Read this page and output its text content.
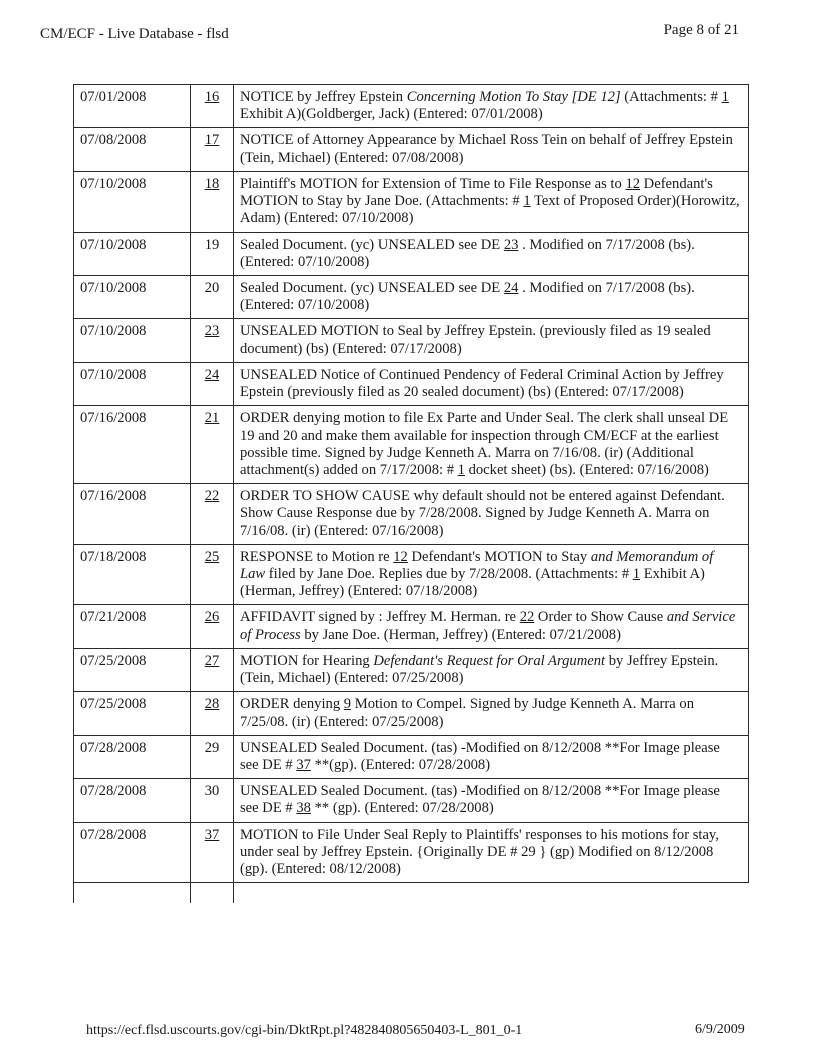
CM/ECF - Live Database - flsd	Page 8 of 21
07/01/2008	16	NOTICE by Jeffrey Epstein Concerning Motion To Stay [DE 12] (Attachments: # 1 Exhibit A)(Goldberger, Jack) (Entered: 07/01/2008)
07/08/2008	17	NOTICE of Attorney Appearance by Michael Ross Tein on behalf of Jeffrey Epstein (Tein, Michael) (Entered: 07/08/2008)
07/10/2008	18	Plaintiff's MOTION for Extension of Time to File Response as to 12 Defendant's MOTION to Stay by Jane Doe. (Attachments: # 1 Text of Proposed Order)(Horowitz, Adam) (Entered: 07/10/2008)
07/10/2008	19	Sealed Document. (yc) UNSEALED see DE 23 . Modified on 7/17/2008 (bs). (Entered: 07/10/2008)
07/10/2008	20	Sealed Document. (yc) UNSEALED see DE 24 . Modified on 7/17/2008 (bs). (Entered: 07/10/2008)
07/10/2008	23	UNSEALED MOTION to Seal by Jeffrey Epstein. (previously filed as 19 sealed document) (bs) (Entered: 07/17/2008)
07/10/2008	24	UNSEALED Notice of Continued Pendency of Federal Criminal Action by Jeffrey Epstein (previously filed as 20 sealed document) (bs) (Entered: 07/17/2008)
07/16/2008	21	ORDER denying motion to file Ex Parte and Under Seal. The clerk shall unseal DE 19 and 20 and make them available for inspection through CM/ECF at the earliest possible time. Signed by Judge Kenneth A. Marra on 7/16/08. (ir) (Additional attachment(s) added on 7/17/2008: # 1 docket sheet) (bs). (Entered: 07/16/2008)
07/16/2008	22	ORDER TO SHOW CAUSE why default should not be entered against Defendant. Show Cause Response due by 7/28/2008. Signed by Judge Kenneth A. Marra on 7/16/08. (ir) (Entered: 07/16/2008)
07/18/2008	25	RESPONSE to Motion re 12 Defendant's MOTION to Stay and Memorandum of Law filed by Jane Doe. Replies due by 7/28/2008. (Attachments: # 1 Exhibit A)(Herman, Jeffrey) (Entered: 07/18/2008)
07/21/2008	26	AFFIDAVIT signed by : Jeffrey M. Herman. re 22 Order to Show Cause and Service of Process by Jane Doe. (Herman, Jeffrey) (Entered: 07/21/2008)
07/25/2008	27	MOTION for Hearing Defendant's Request for Oral Argument by Jeffrey Epstein. (Tein, Michael) (Entered: 07/25/2008)
07/25/2008	28	ORDER denying 9 Motion to Compel. Signed by Judge Kenneth A. Marra on 7/25/08. (ir) (Entered: 07/25/2008)
07/28/2008	29	UNSEALED Sealed Document. (tas) -Modified on 8/12/2008 **For Image please see DE # 37 **(gp). (Entered: 07/28/2008)
07/28/2008	30	UNSEALED Sealed Document. (tas) -Modified on 8/12/2008 **For Image please see DE # 38 ** (gp). (Entered: 07/28/2008)
07/28/2008	37	MOTION to File Under Seal Reply to Plaintiffs' responses to his motions for stay, under seal by Jeffrey Epstein. {Originally DE # 29 } (gp) Modified on 8/12/2008 (gp). (Entered: 08/12/2008)

https://ecf.flsd.uscourts.gov/cgi-bin/DktRpt.pl?482840805650403-L_801_0-1	6/9/2009
